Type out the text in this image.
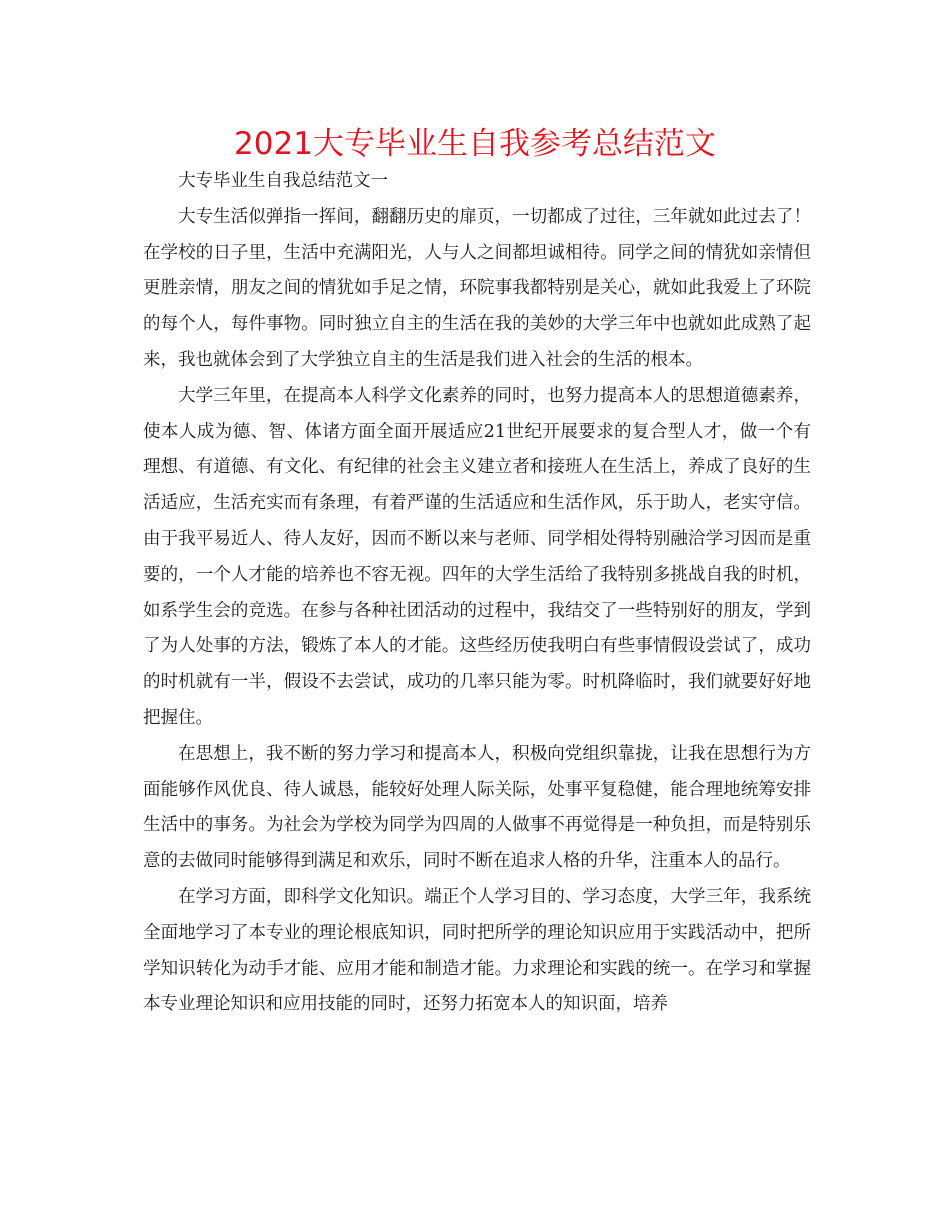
2021大专毕业生自我参考总结范文

大专毕业生自我总结范文一

大专生活似弹指一挥间，翻翻历史的扉页，一切都成了过往，三年就如此过去了！ 在学校的日子里，生活中充满阳光，人与人之间都坦诚相待。同学之间的情犹如亲情但更胜亲情，朋友之间的情犹如手足之情，环院事我都特别是关心，就如此我爱上了环院的每个人，每件事物。同时独立自主的生活在我的美妙的大学三年中也就如此成熟了起来，我也就体会到了大学独立自主的生活是我们进入社会的生活的根本。

大学三年里，在提高本人科学文化素养的同时，也努力提高本人的思想道德素养，使本人成为德、智、体诸方面全面开展适应21世纪开展要求的复合型人才，做一个有理想、有道德、有文化、有纪律的社会主义建立者和接班人在生活上，养成了良好的生活适应，生活充实而有条理，有着严谨的生活适应和生活作风，乐于助人，老实守信。由于我平易近人、待人友好，因而不断以来与老师、同学相处得特别融洽学习因而是重要的，一个人才能的培养也不容无视。四年的大学生活给了我特别多挑战自我的时机，如系学生会的竞选。在参与各种社团活动的过程中，我结交了一些特别好的朋友，学到了为人处事的方法，锻炼了本人的才能。这些经历使我明白有些事情假设尝试了，成功的时机就有一半，假设不去尝试，成功的几率只能为零。时机降临时，我们就要好好地把握住。

在思想上，我不断的努力学习和提高本人，积极向党组织靠拢，让我在思想行为方面能够作风优良、待人诚恳，能较好处理人际关际，处事平复稳健，能合理地统筹安排生活中的事务。为社会为学校为同学为四周的人做事不再觉得是一种负担，而是特别乐意的去做同时能够得到满足和欢乐，同时不断在追求人格的升华，注重本人的品行。

在学习方面，即科学文化知识。端正个人学习目的、学习态度，大学三年，我系统全面地学习了本专业的理论根底知识，同时把所学的理论知识应用于实践活动中，把所学知识转化为动手才能、应用才能和制造才能。力求理论和实践的统一。在学习和掌握本专业理论知识和应用技能的同时，还努力拓宽本人的知识面，培养
